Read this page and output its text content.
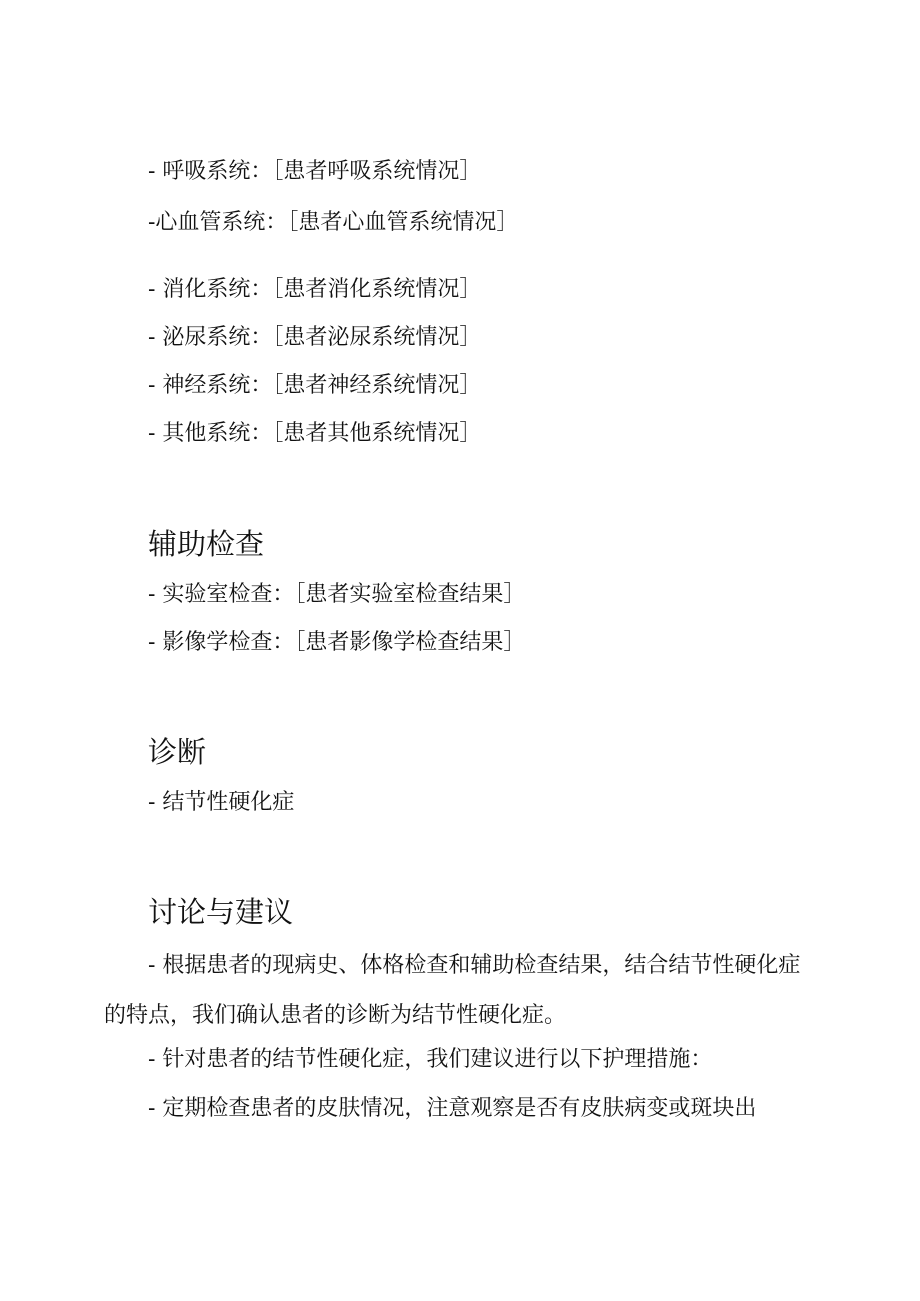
- 呼吸系统：［患者呼吸系统情况］
-心血管系统：［患者心血管系统情况］
- 消化系统：［患者消化系统情况］
- 泌尿系统：［患者泌尿系统情况］
- 神经系统：［患者神经系统情况］
- 其他系统：［患者其他系统情况］
辅助检查
- 实验室检查：［患者实验室检查结果］
- 影像学检查：［患者影像学检查结果］
诊断
- 结节性硬化症
讨论与建议
- 根据患者的现病史、体格检查和辅助检查结果，结合结节性硬化症的特点，我们确认患者的诊断为结节性硬化症。
- 针对患者的结节性硬化症，我们建议进行以下护理措施：
- 定期检查患者的皮肤情况，注意观察是否有皮肤病变或斑块出
